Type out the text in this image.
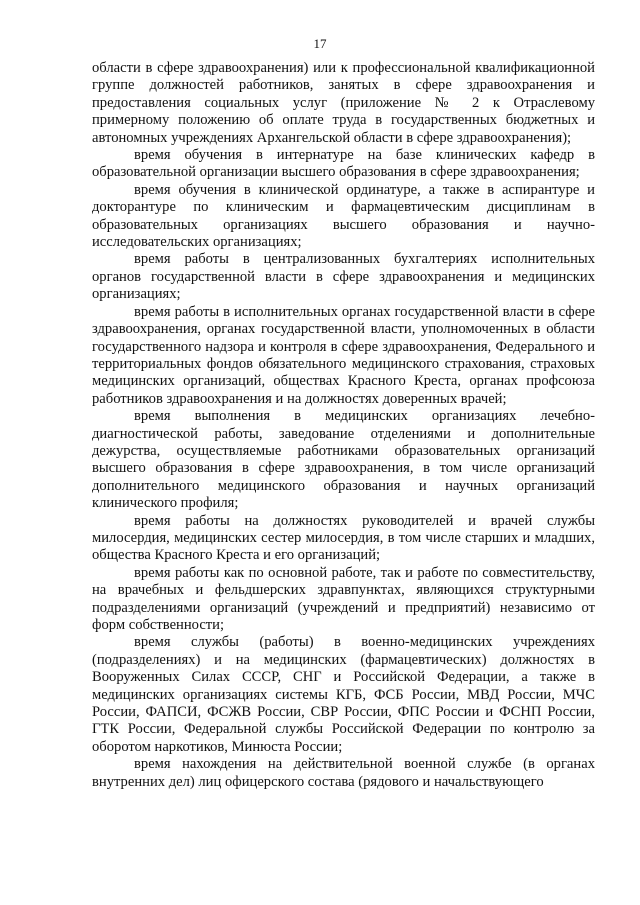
17

области в сфере здравоохранения) или к профессиональной квалификационной группе должностей работников, занятых в сфере здравоохранения и предоставления социальных услуг (приложение № 2 к Отраслевому примерному положению об оплате труда в государственных бюджетных и автономных учреждениях Архангельской области в сфере здравоохранения);

время обучения в интернатуре на базе клинических кафедр в образовательной организации высшего образования в сфере здравоохранения;

время обучения в клинической ординатуре, а также в аспирантуре и докторантуре по клиническим и фармацевтическим дисциплинам в образовательных организациях высшего образования и научно-исследовательских организациях;

время работы в централизованных бухгалтериях исполнительных органов государственной власти в сфере здравоохранения и медицинских организациях;

время работы в исполнительных органах государственной власти в сфере здравоохранения, органах государственной власти, уполномоченных в области государственного надзора и контроля в сфере здравоохранения, Федерального и территориальных фондов обязательного медицинского страхования, страховых медицинских организаций, обществах Красного Креста, органах профсоюза работников здравоохранения и на должностях доверенных врачей;

время выполнения в медицинских организациях лечебно-диагностической работы, заведование отделениями и дополнительные дежурства, осуществляемые работниками образовательных организаций высшего образования в сфере здравоохранения, в том числе организаций дополнительного медицинского образования и научных организаций клинического профиля;

время работы на должностях руководителей и врачей службы милосердия, медицинских сестер милосердия, в том числе старших и младших, общества Красного Креста и его организаций;

время работы как по основной работе, так и работе по совместительству, на врачебных и фельдшерских здравпунктах, являющихся структурными подразделениями организаций (учреждений и предприятий) независимо от форм собственности;

время службы (работы) в военно-медицинских учреждениях (подразделениях) и на медицинских (фармацевтических) должностях в Вооруженных Силах СССР, СНГ и Российской Федерации, а также в медицинских организациях системы КГБ, ФСБ России, МВД России, МЧС России, ФАПСИ, ФСЖВ России, СВР России, ФПС России и ФСНП России, ГТК России, Федеральной службы Российской Федерации по контролю за оборотом наркотиков, Минюста России;

время нахождения на действительной военной службе (в органах внутренних дел) лиц офицерского состава (рядового и начальствующего
